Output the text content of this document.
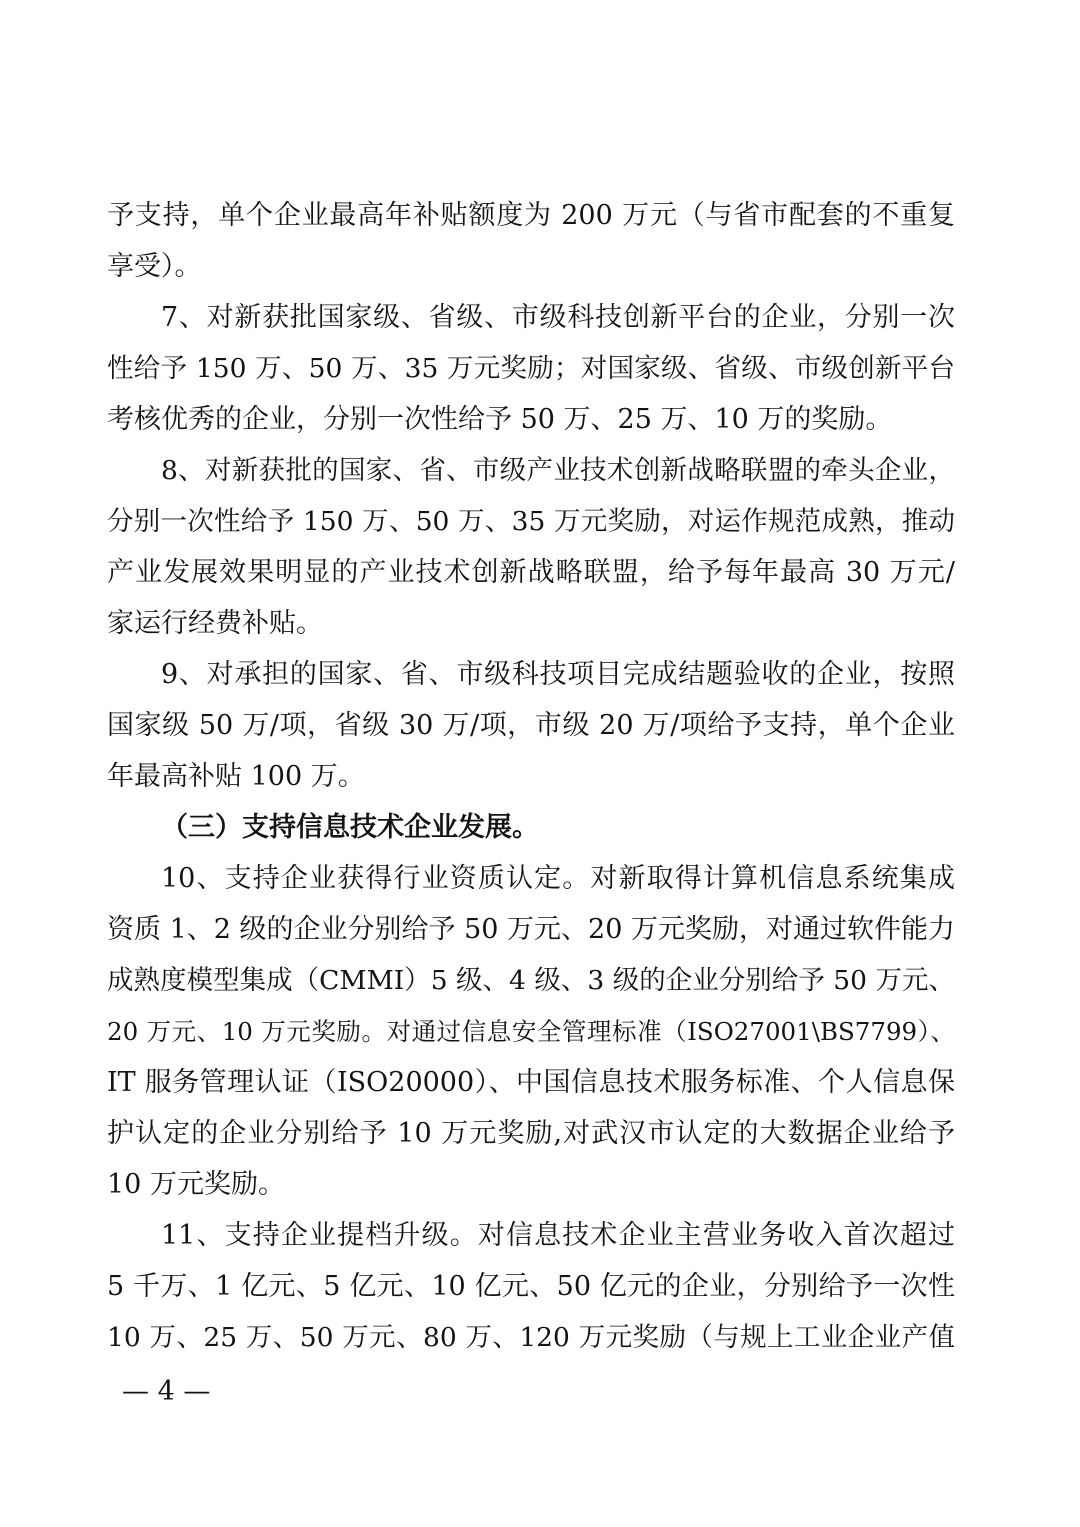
予支持，单个企业最高年补贴额度为 200 万元（与省市配套的不重复
享受）。
7、对新获批国家级、省级、市级科技创新平台的企业，分别一次
性给予 150 万、50 万、35 万元奖励；对国家级、省级、市级创新平台
考核优秀的企业，分别一次性给予 50 万、25 万、10 万的奖励。
8、对新获批的国家、省、市级产业技术创新战略联盟的牵头企业，
分别一次性给予 150 万、50 万、35 万元奖励，对运作规范成熟，推动
产业发展效果明显的产业技术创新战略联盟，给予每年最高 30 万元/
家运行经费补贴。
9、对承担的国家、省、市级科技项目完成结题验收的企业，按照
国家级 50 万/项，省级 30 万/项，市级 20 万/项给予支持，单个企业
年最高补贴 100 万。
（三）支持信息技术企业发展。
10、支持企业获得行业资质认定。对新取得计算机信息系统集成
资质 1、2 级的企业分别给予 50 万元、20 万元奖励，对通过软件能力
成熟度模型集成（CMMI）5 级、4 级、3 级的企业分别给予 50 万元、
20 万元、10 万元奖励。对通过信息安全管理标准（ISO27001\BS7799）、
IT 服务管理认证（ISO20000）、中国信息技术服务标准、个人信息保
护认定的企业分别给予 10 万元奖励,对武汉市认定的大数据企业给予
10 万元奖励。
11、支持企业提档升级。对信息技术企业主营业务收入首次超过
5 千万、1 亿元、5 亿元、10 亿元、50 亿元的企业，分别给予一次性
10 万、25 万、50 万元、80 万、120 万元奖励（与规上工业企业产值
— 4 —
